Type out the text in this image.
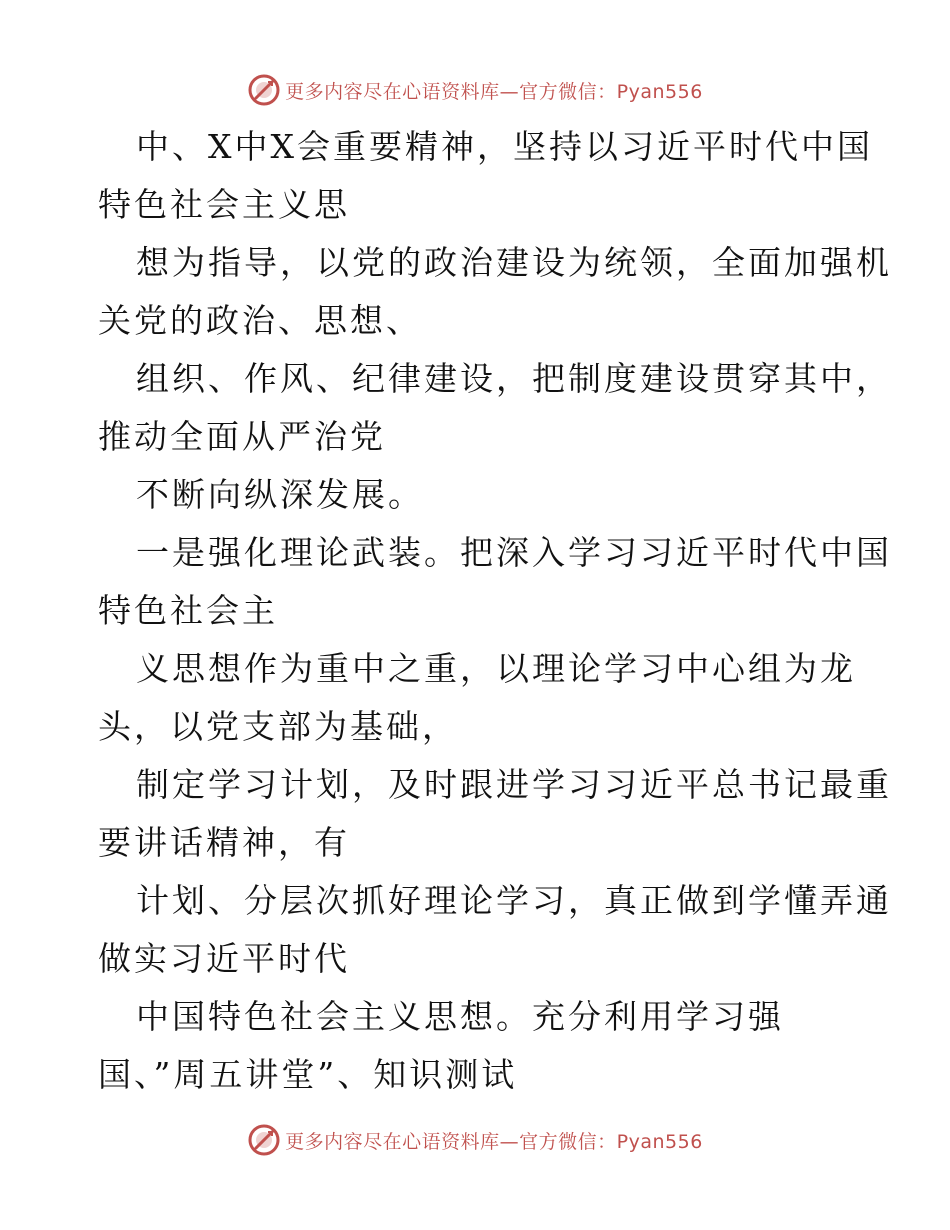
更多内容尽在心语资料库—官方微信：Pyan556

中、X中X会重要精神，坚持以习近平时代中国
特色社会主义思

想为指导，以党的政治建设为统领，全面加强机
关党的政治、思想、

组织、作风、纪律建设，把制度建设贯穿其中，
推动全面从严治党

不断向纵深发展。

一是强化理论武装。把深入学习习近平时代中国
特色社会主

义思想作为重中之重，以理论学习中心组为龙
头，以党支部为基础，

制定学习计划，及时跟进学习习近平总书记最重
要讲话精神，有

计划、分层次抓好理论学习，真正做到学懂弄通
做实习近平时代

中国特色社会主义思想。充分利用学习强
国、”周五讲堂”、知识测试

更多内容尽在心语资料库—官方微信：Pyan556
